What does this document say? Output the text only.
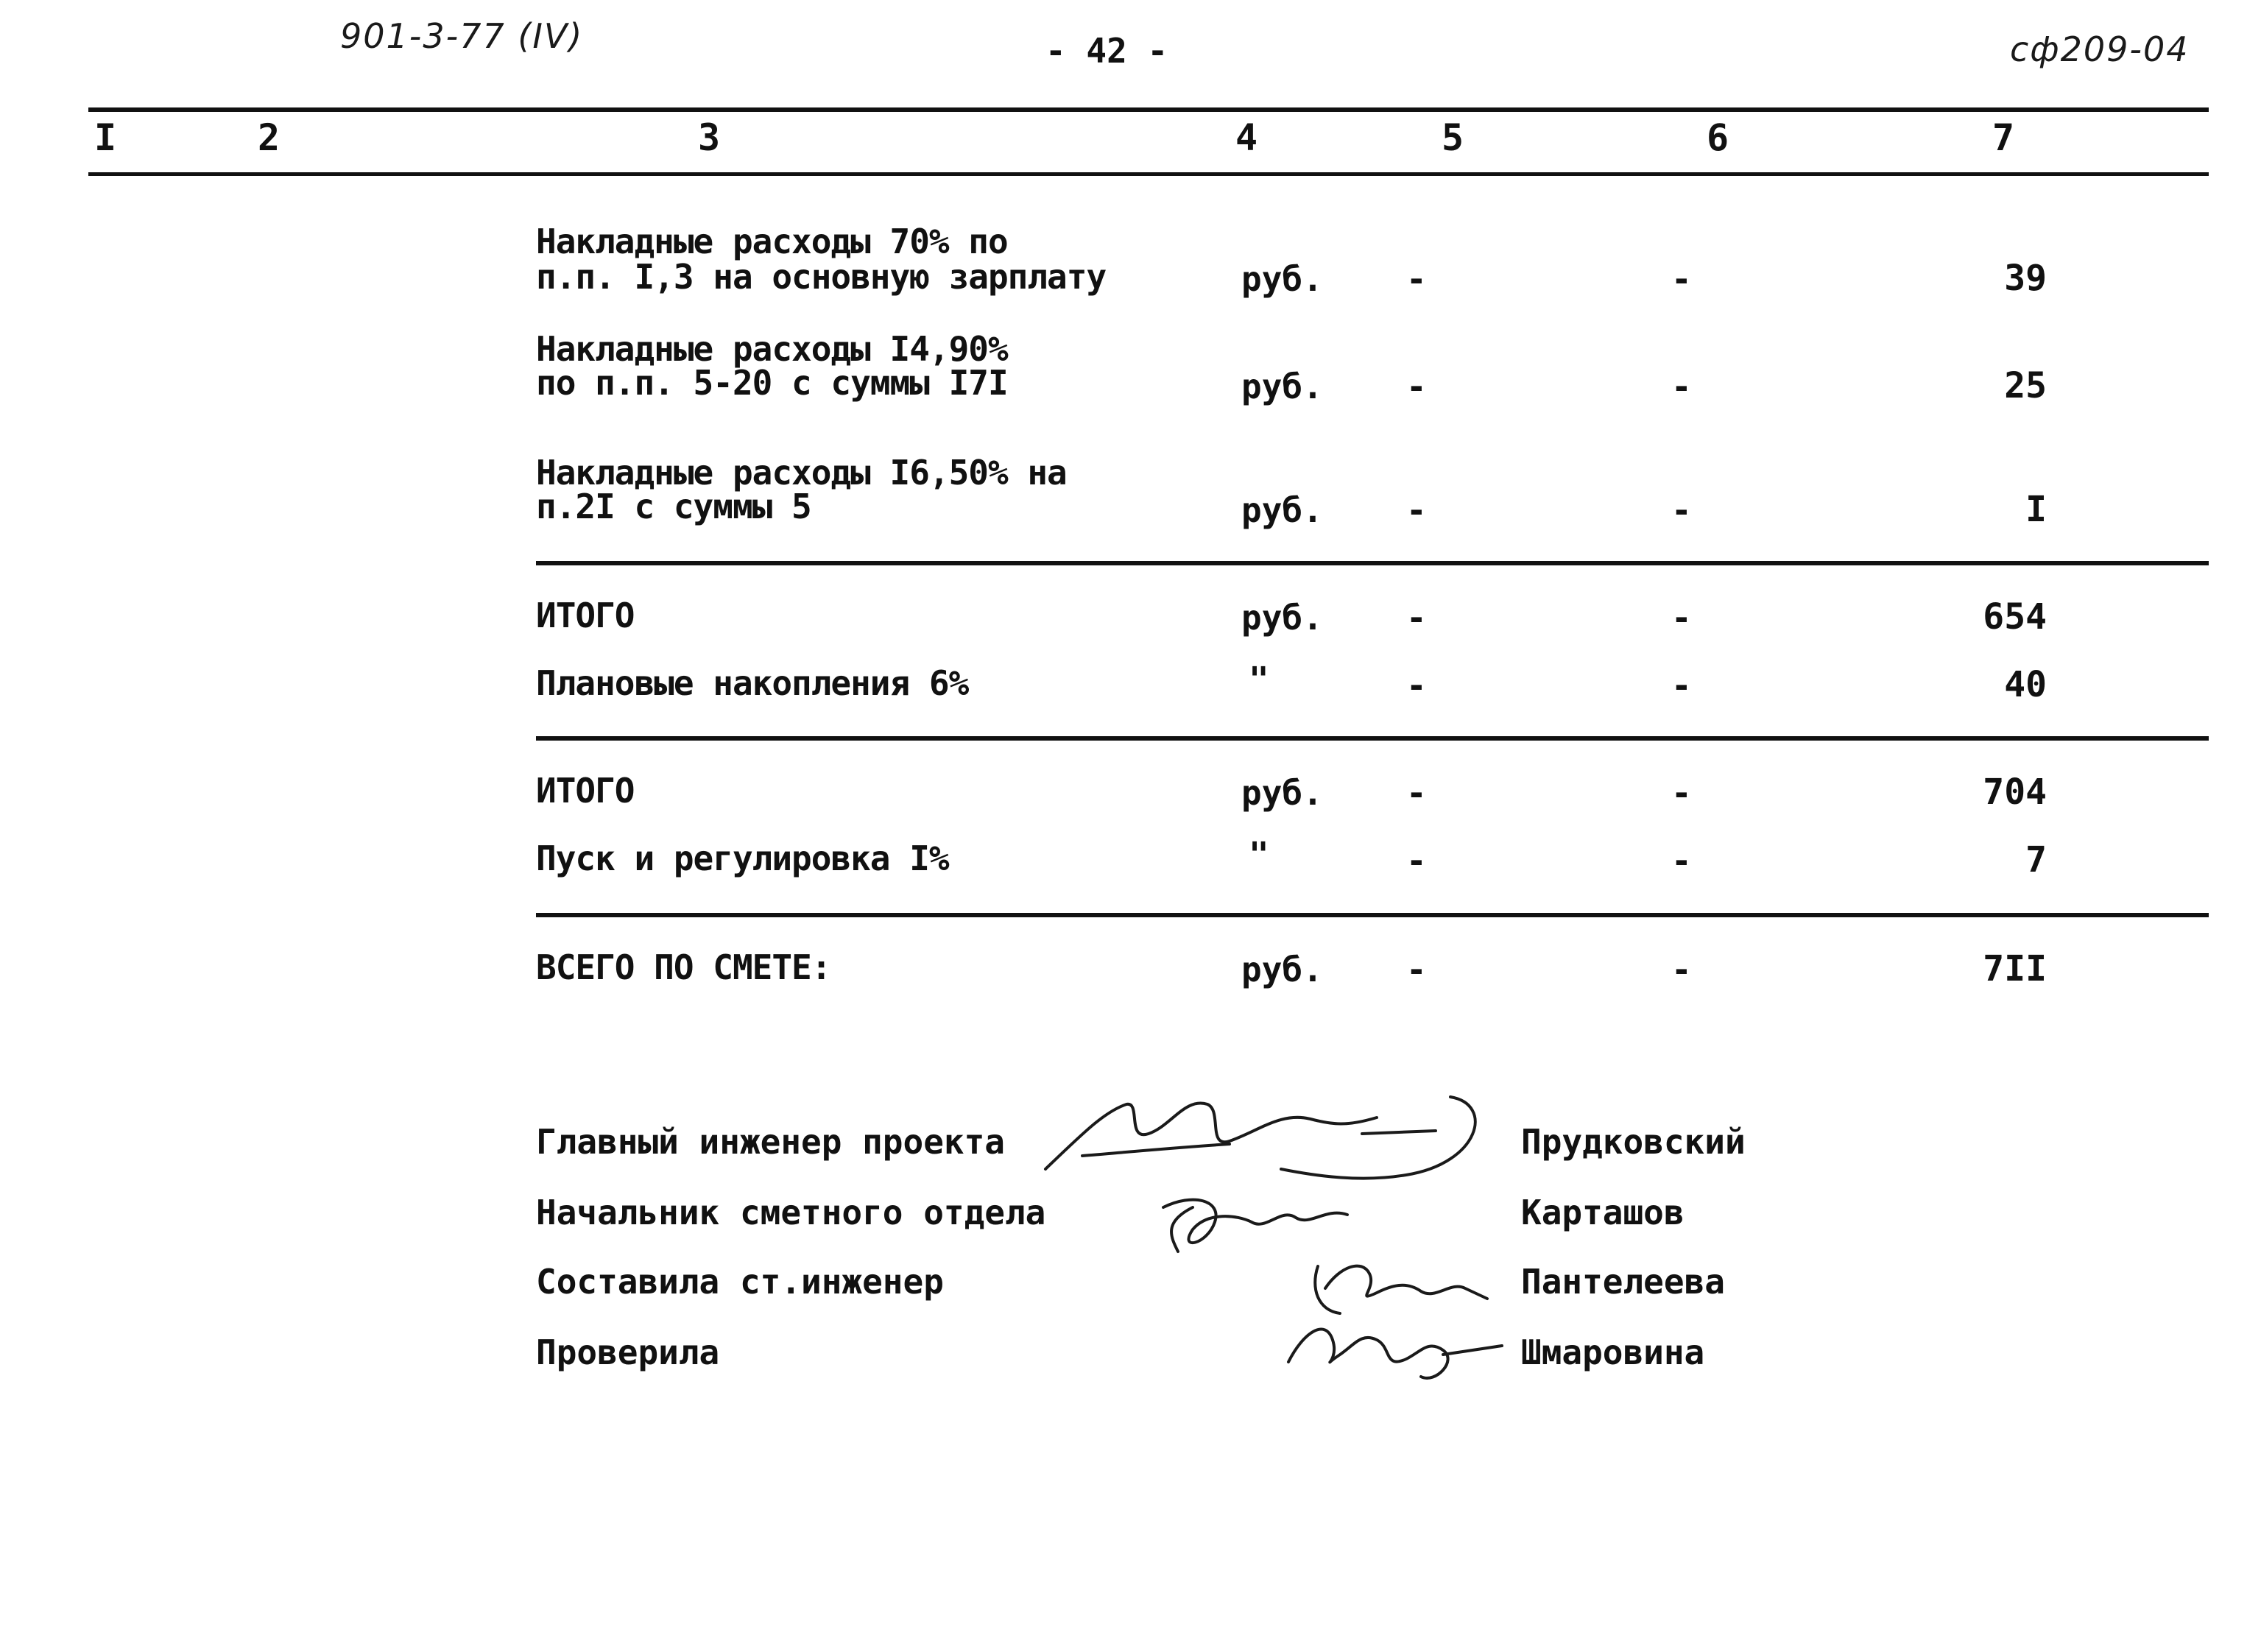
901-3-77 (IV)	- 42 -	сф209-04
I	2	3	4	5	6	7
Накладные расходы 70% по
п.п. I,3 на основную зарплату	руб. -	-	39
Накладные расходы I4,90%
по п.п. 5-20 с суммы I7I	руб. -	-	25
Накладные расходы I6,50% на
п.2I с суммы 5	руб. -	-	I
ИТОГО	руб. -	-	654
Плановые накопления 6%	"	-	-	40
ИТОГО	руб. -	-	704
Пуск и регулировка I%	"	-	-	7
ВСЕГО ПО СМЕТЕ:	руб. -	-	7II
Главный инженер проекта	Прудковский
Начальник сметного отдела	Карташов
Составила ст.инженер	Пантелеева
Проверила	Шмаровина
